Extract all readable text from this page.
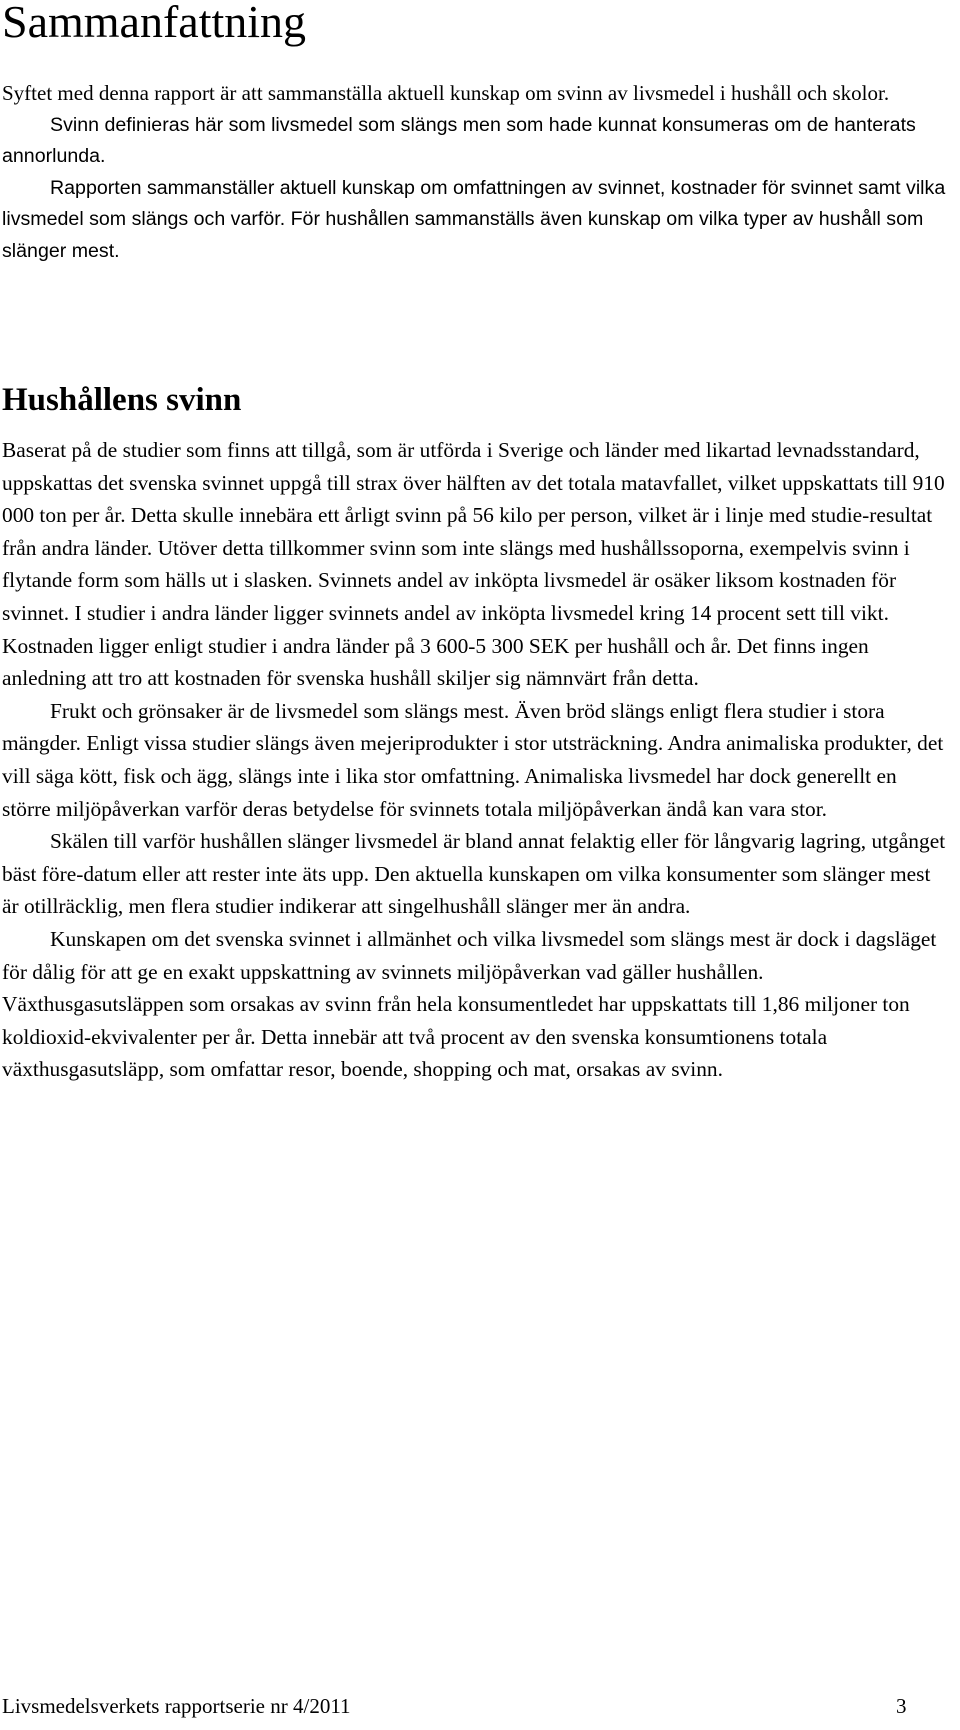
Sammanfattning

Syftet med denna rapport är att sammanställa aktuell kunskap om svinn av livsmedel i hushåll och skolor.

Svinn definieras här som livsmedel som slängs men som hade kunnat konsumeras om de hanterats annorlunda.

Rapporten sammanställer aktuell kunskap om omfattningen av svinnet, kostnader för svinnet samt vilka livsmedel som slängs och varför. För hushållen sammanställs även kunskap om vilka typer av hushåll som slänger mest.

Hushållens svinn

Baserat på de studier som finns att tillgå, som är utförda i Sverige och länder med likartad levnadsstandard, uppskattas det svenska svinnet uppgå till strax över hälften av det totala matavfallet, vilket uppskattats till 910 000 ton per år. Detta skulle innebära ett årligt svinn på 56 kilo per person, vilket är i linje med studie-resultat från andra länder. Utöver detta tillkommer svinn som inte slängs med hushållssoporna, exempelvis svinn i flytande form som hälls ut i slasken. Svinnets andel av inköpta livsmedel är osäker liksom kostnaden för svinnet. I studier i andra länder ligger svinnets andel av inköpta livsmedel kring 14 procent sett till vikt. Kostnaden ligger enligt studier i andra länder på 3 600-5 300 SEK per hushåll och år. Det finns ingen anledning att tro att kostnaden för svenska hushåll skiljer sig nämnvärt från detta.

Frukt och grönsaker är de livsmedel som slängs mest. Även bröd slängs enligt flera studier i stora mängder. Enligt vissa studier slängs även mejeriprodukter i stor utsträckning. Andra animaliska produkter, det vill säga kött, fisk och ägg, slängs inte i lika stor omfattning. Animaliska livsmedel har dock generellt en större miljöpåverkan varför deras betydelse för svinnets totala miljöpåverkan ändå kan vara stor.

Skälen till varför hushållen slänger livsmedel är bland annat felaktig eller för långvarig lagring, utgånget bäst före-datum eller att rester inte äts upp. Den aktuella kunskapen om vilka konsumenter som slänger mest är otillräcklig, men flera studier indikerar att singelhushåll slänger mer än andra.

Kunskapen om det svenska svinnet i allmänhet och vilka livsmedel som slängs mest är dock i dagsläget för dålig för att ge en exakt uppskattning av svinnets miljöpåverkan vad gäller hushållen. Växthusgasutsläppen som orsakas av svinn från hela konsumentledet har uppskattats till 1,86 miljoner ton koldioxid-ekvivalenter per år. Detta innebär att två procent av den svenska konsumtionens totala växthusgasutsläpp, som omfattar resor, boende, shopping och mat, orsakas av svinn.

Livsmedelsverkets rapportserie nr 4/2011	3
